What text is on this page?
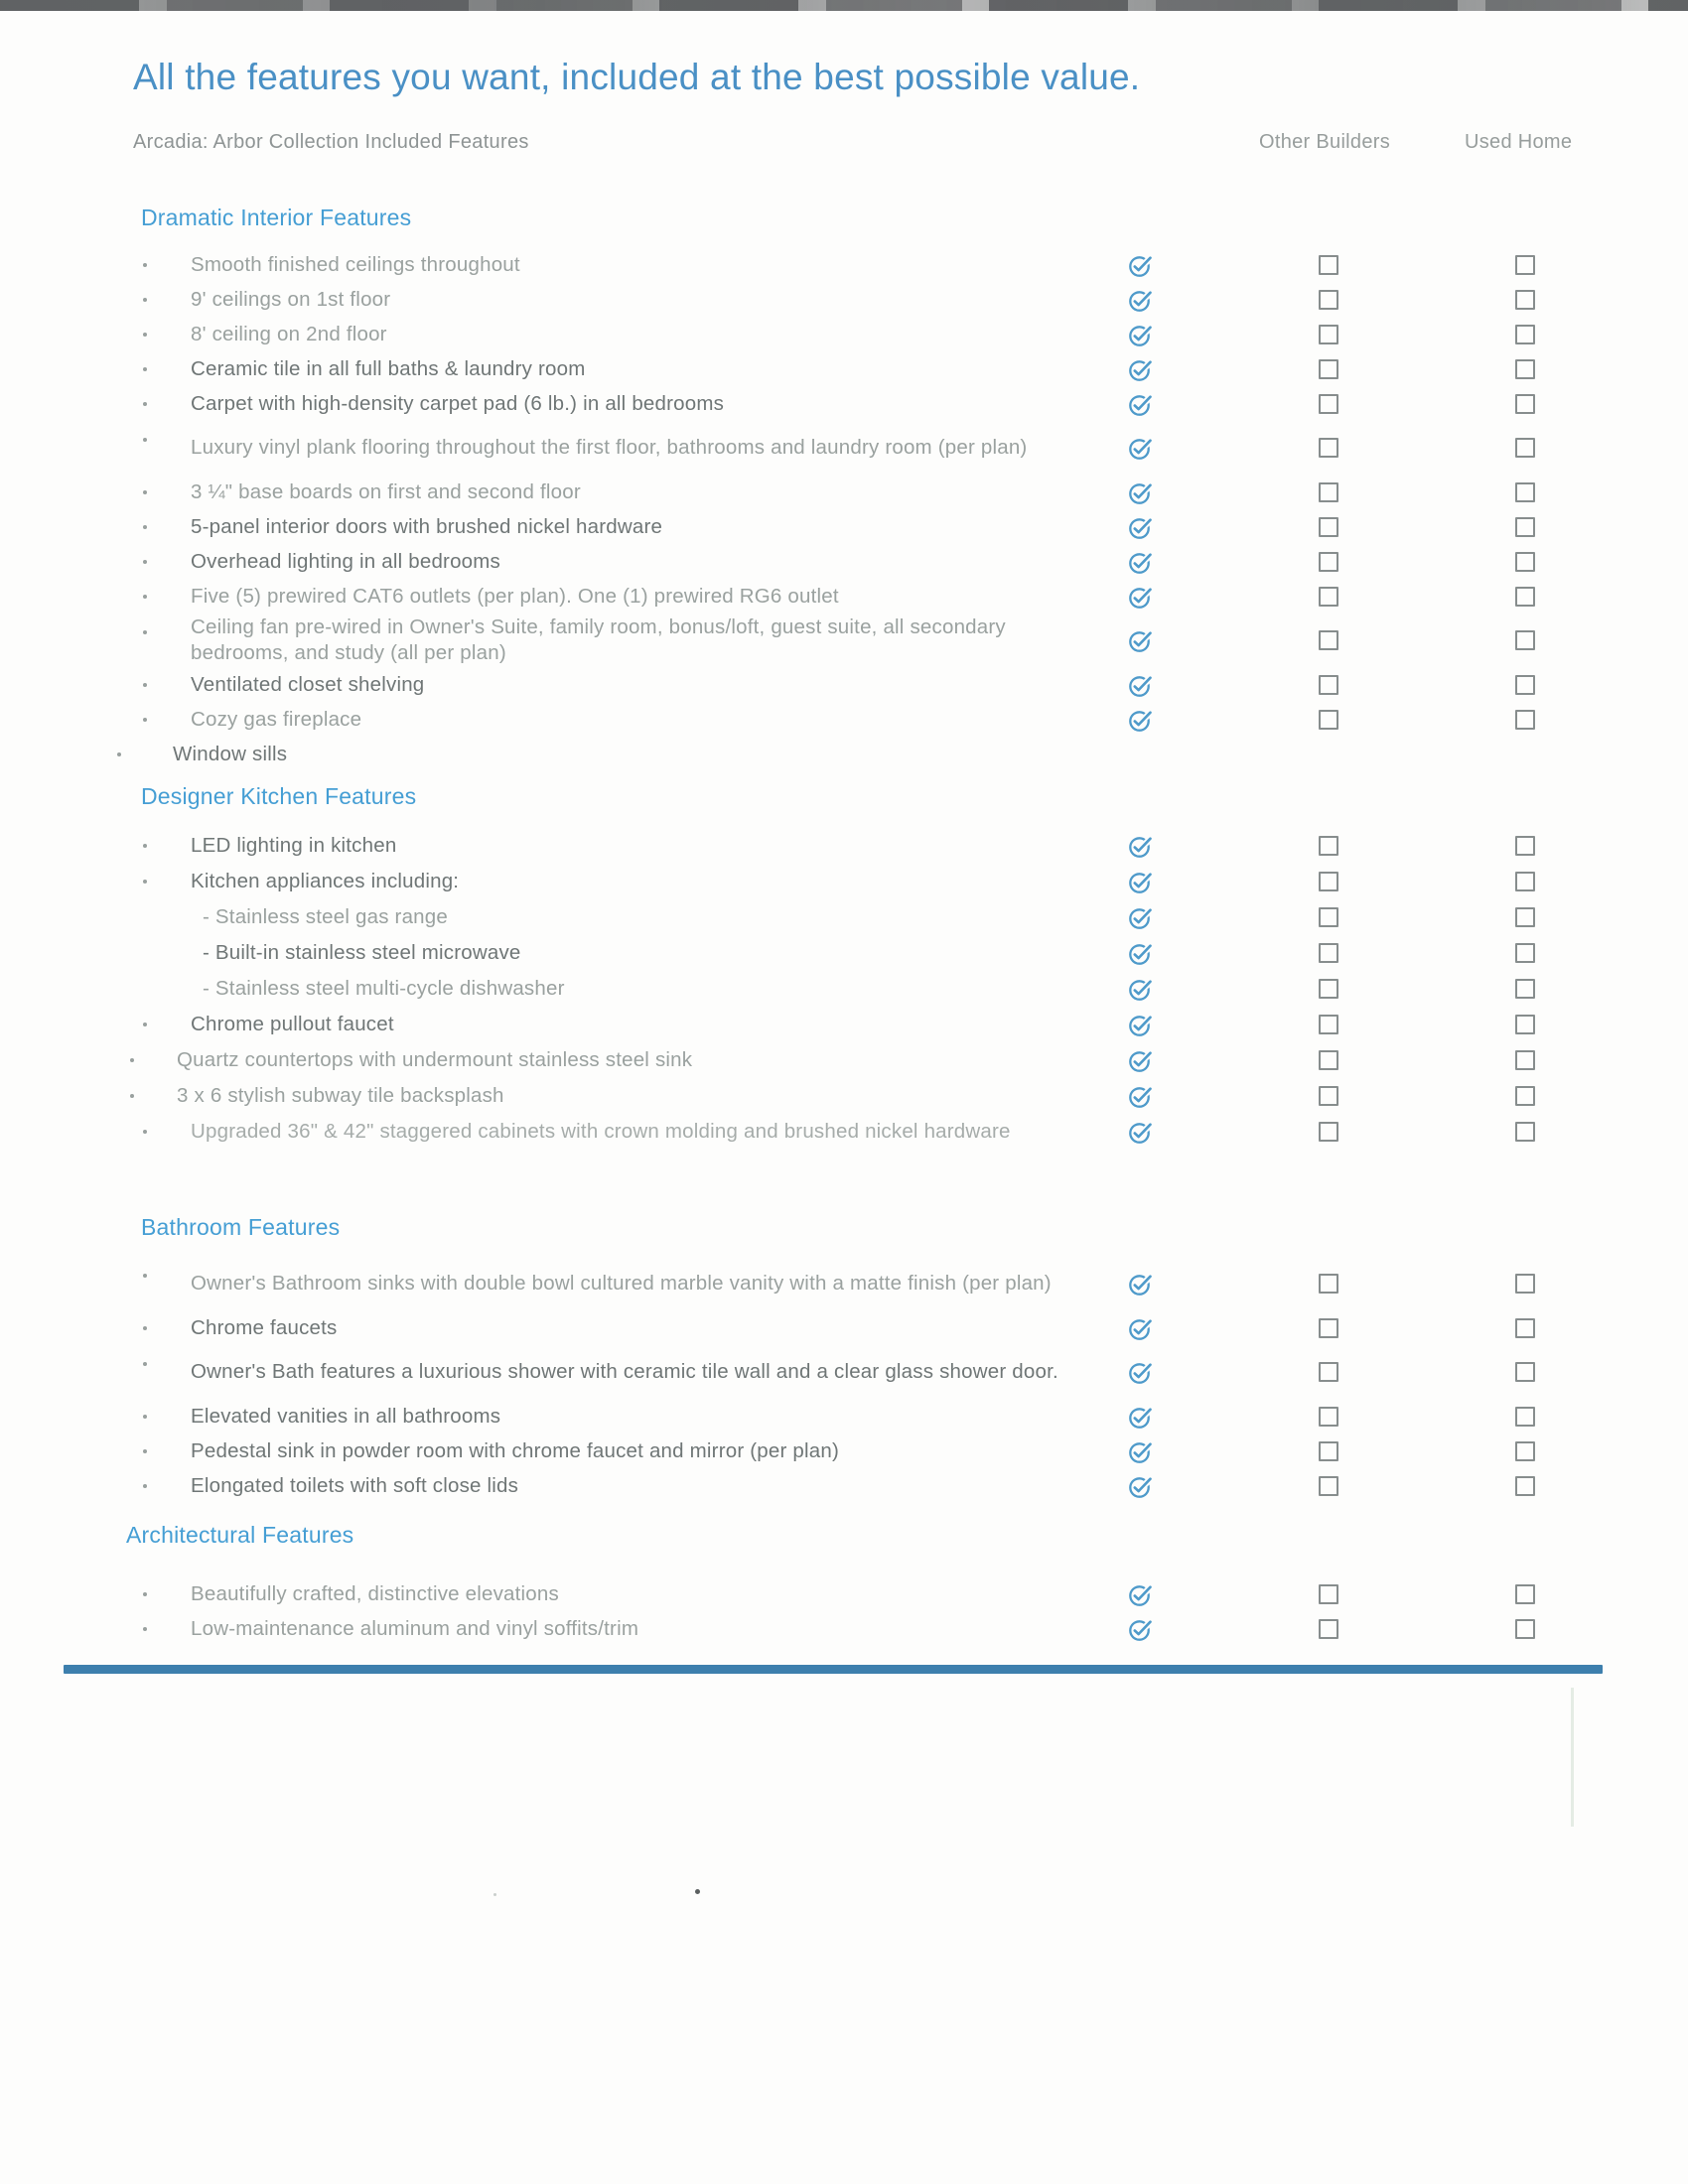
All the features you want, included at the best possible value.
Arcadia: Arbor Collection Included Features	Other Builders	Used Home
Dramatic Interior Features
Smooth finished ceilings throughout
9' ceilings on 1st floor
8' ceiling on 2nd floor
Ceramic tile in all full baths & laundry room
Carpet with high-density carpet pad (6 lb.) in all bedrooms
Luxury vinyl plank flooring throughout the first floor, bathrooms and laundry room (per plan)
3 ¼" base boards on first and second floor
5-panel interior doors with brushed nickel hardware
Overhead lighting in all bedrooms
Five (5) prewired CAT6 outlets (per plan). One (1) prewired RG6 outlet
Ceiling fan pre-wired in Owner's Suite, family room, bonus/loft, guest suite, all secondary bedrooms, and study (all per plan)
Ventilated closet shelving
Cozy gas fireplace
Window sills
Designer Kitchen Features
LED lighting in kitchen
Kitchen appliances including:
- Stainless steel gas range
- Built-in stainless steel microwave
- Stainless steel multi-cycle dishwasher
Chrome pullout faucet
Quartz countertops with undermount stainless steel sink
3 x 6 stylish subway tile backsplash
Upgraded 36" & 42" staggered cabinets with crown molding and brushed nickel hardware
Bathroom Features
Owner's Bathroom sinks with double bowl cultured marble vanity with a matte finish (per plan)
Chrome faucets
Owner's Bath features a luxurious shower with ceramic tile wall and a clear glass shower door.
Elevated vanities in all bathrooms
Pedestal sink in powder room with chrome faucet and mirror (per plan)
Elongated toilets with soft close lids
Architectural Features
Beautifully crafted, distinctive elevations
Low-maintenance aluminum and vinyl soffits/trim
